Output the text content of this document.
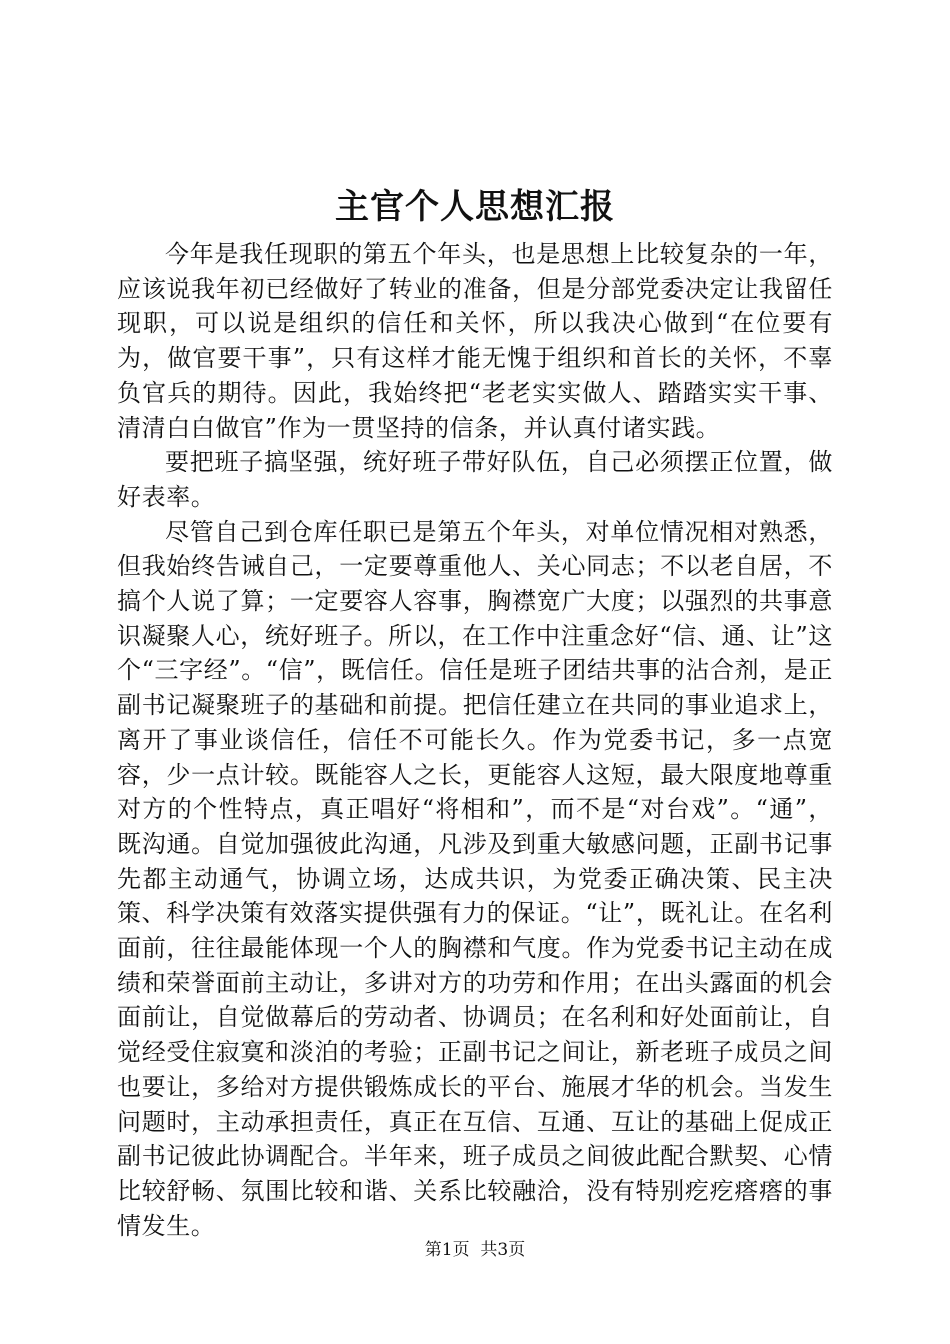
主官个人思想汇报

今年是我任现职的第五个年头，也是思想上比较复杂的一年，应该说我年初已经做好了转业的准备，但是分部党委决定让我留任现职，可以说是组织的信任和关怀，所以我决心做到“在位要有为，做官要干事”，只有这样才能无愧于组织和首长的关怀，不辜负官兵的期待。因此，我始终把“老老实实做人、踏踏实实干事、清清白白做官”作为一贯坚持的信条，并认真付诸实践。

要把班子搞坚强，统好班子带好队伍，自己必须摆正位置，做好表率。

尽管自己到仓库任职已是第五个年头，对单位情况相对熟悉，但我始终告诫自己，一定要尊重他人、关心同志；不以老自居，不搞个人说了算；一定要容人容事，胸襟宽广大度；以强烈的共事意识凝聚人心，统好班子。所以，在工作中注重念好“信、通、让”这个“三字经”。“信”，既信任。信任是班子团结共事的沾合剂，是正副书记凝聚班子的基础和前提。把信任建立在共同的事业追求上，离开了事业谈信任，信任不可能长久。作为党委书记，多一点宽容，少一点计较。既能容人之长，更能容人这短，最大限度地尊重对方的个性特点，真正唱好“将相和”，而不是“对台戏”。“通”，既沟通。自觉加强彼此沟通，凡涉及到重大敏感问题，正副书记事先都主动通气，协调立场，达成共识，为党委正确决策、民主决策、科学决策有效落实提供强有力的保证。“让”，既礼让。在名利面前，往往最能体现一个人的胸襟和气度。作为党委书记主动在成绩和荣誉面前主动让，多讲对方的功劳和作用；在出头露面的机会面前让，自觉做幕后的劳动者、协调员；在名利和好处面前让，自觉经受住寂寞和淡泊的考验；正副书记之间让，新老班子成员之间也要让，多给对方提供锻炼成长的平台、施展才华的机会。当发生问题时，主动承担责任，真正在互信、互通、互让的基础上促成正副书记彼此协调配合。半年来，班子成员之间彼此配合默契、心情比较舒畅、氛围比较和谐、关系比较融洽，没有特别疙疙瘩瘩的事情发生。

第1页  共3页
